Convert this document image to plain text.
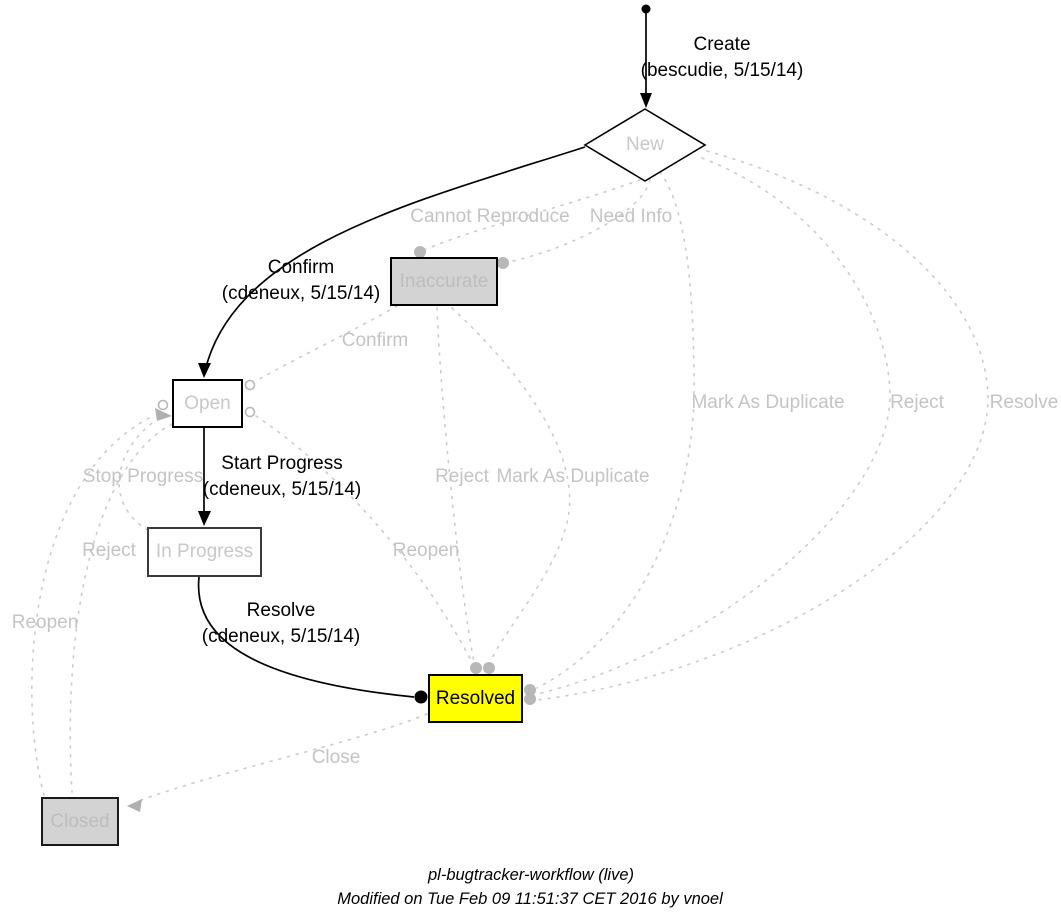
New
Inaccurate
Open
In Progress
Resolved
Closed
Create
(bescudie, 5/15/14)
Confirm
(cdeneux, 5/15/14)
Start Progress
(cdeneux, 5/15/14)
Resolve
(cdeneux, 5/15/14)
Cannot Reproduce Need Info
Confirm
Mark As Duplicate Reject Resolve
Stop Progress	Reject Mark As Duplicate
Reject	Reopen
Reopen
Close
pl-bugtracker-workflow (live)
Modified on Tue Feb 09 11:51:37 CET 2016 by vnoel
